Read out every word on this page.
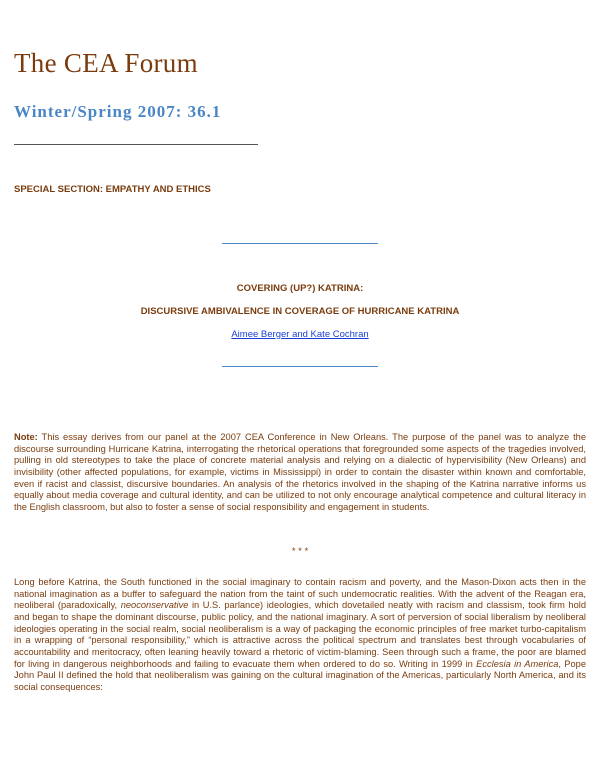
The CEA Forum
Winter/Spring 2007: 36.1

SPECIAL SECTION: EMPATHY AND ETHICS

COVERING (UP?) KATRINA:

DISCURSIVE AMBIVALENCE IN COVERAGE OF HURRICANE KATRINA

Aimee Berger and Kate Cochran

Note: This essay derives from our panel at the 2007 CEA Conference in New Orleans. The purpose of the panel was to analyze the discourse surrounding Hurricane Katrina, interrogating the rhetorical operations that foregrounded some aspects of the tragedies involved, pulling in old stereotypes to take the place of concrete material analysis and relying on a dialectic of hypervisibility (New Orleans) and invisibility (other affected populations, for example, victims in Mississippi) in order to contain the disaster within known and comfortable, even if racist and classist, discursive boundaries. An analysis of the rhetorics involved in the shaping of the Katrina narrative informs us equally about media coverage and cultural identity, and can be utilized to not only encourage analytical competence and cultural literacy in the English classroom, but also to foster a sense of social responsibility and engagement in students.

* * *

Long before Katrina, the South functioned in the social imaginary to contain racism and poverty, and the Mason-Dixon acts then in the national imagination as a buffer to safeguard the nation from the taint of such undemocratic realities. With the advent of the Reagan era, neoliberal (paradoxically, neoconservative in U.S. parlance) ideologies, which dovetailed neatly with racism and classism, took firm hold and began to shape the dominant discourse, public policy, and the national imaginary. A sort of perversion of social liberalism by neoliberal ideologies operating in the social realm, social neoliberalism is a way of packaging the economic principles of free market turbo-capitalism in a wrapping of “personal responsibility,” which is attractive across the political spectrum and translates best through vocabularies of accountability and meritocracy, often leaning heavily toward a rhetoric of victim-blaming. Seen through such a frame, the poor are blamed for living in dangerous neighborhoods and failing to evacuate them when ordered to do so. Writing in 1999 in Ecclesia in America, Pope John Paul II defined the hold that neoliberalism was gaining on the cultural imagination of the Americas, particularly North America, and its social consequences:
